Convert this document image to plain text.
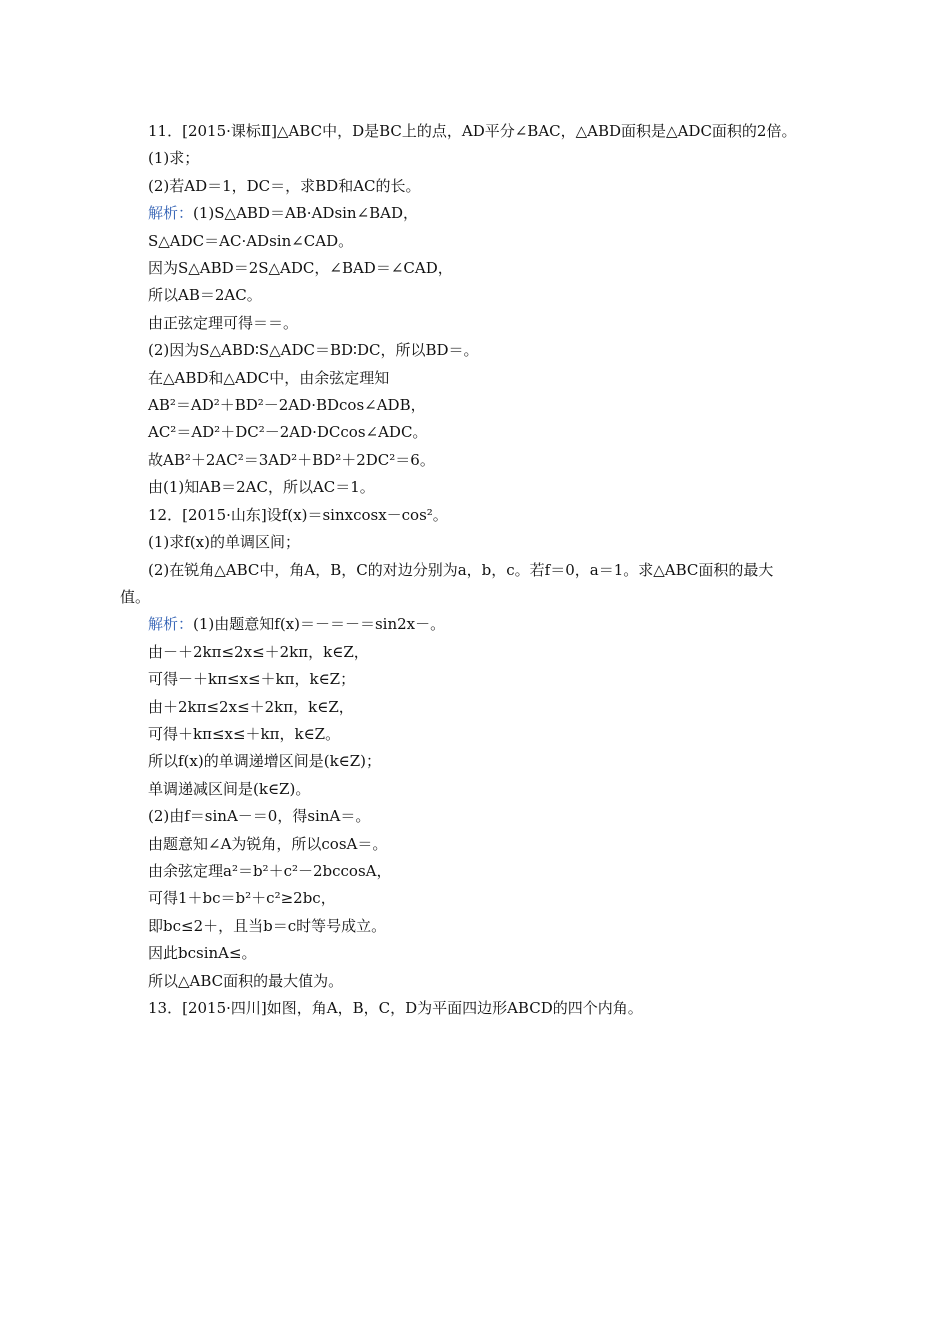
11．[2015·课标Ⅱ]△ABC中，D是BC上的点，AD平分∠BAC，△ABD面积是△ADC面积的2倍。
(1)求；
(2)若AD＝1，DC＝，求BD和AC的长。
解析：(1)S△ABD＝AB·ADsin∠BAD，
S△ADC＝AC·ADsin∠CAD。
因为S△ABD＝2S△ADC，∠BAD＝∠CAD，
所以AB＝2AC。
由正弦定理可得＝＝。
(2)因为S△ABD∶S△ADC＝BD∶DC，所以BD＝。
在△ABD和△ADC中，由余弦定理知
AB²＝AD²＋BD²－2AD·BDcos∠ADB，
AC²＝AD²＋DC²－2AD·DCcos∠ADC。
故AB²＋2AC²＝3AD²＋BD²＋2DC²＝6。
由(1)知AB＝2AC，所以AC＝1。
12．[2015·山东]设f(x)＝sinxcosx－cos²。
(1)求f(x)的单调区间；
(2)在锐角△ABC中，角A，B，C的对边分别为a，b，c。若f＝0，a＝1。求△ABC面积的最大
值。
解析：(1)由题意知f(x)＝－＝－＝sin2x－。
由－＋2kπ≤2x≤＋2kπ，k∈Z，
可得－＋kπ≤x≤＋kπ，k∈Z；
由＋2kπ≤2x≤＋2kπ，k∈Z，
可得＋kπ≤x≤＋kπ，k∈Z。
所以f(x)的单调递增区间是(k∈Z)；
单调递减区间是(k∈Z)。
(2)由f＝sinA－＝0，得sinA＝。
由题意知∠A为锐角，所以cosA＝。
由余弦定理a²＝b²＋c²－2bccosA，
可得1＋bc＝b²＋c²≥2bc，
即bc≤2＋，且当b＝c时等号成立。
因此bcsinA≤。
所以△ABC面积的最大值为。
13．[2015·四川]如图，角A，B，C，D为平面四边形ABCD的四个内角。
